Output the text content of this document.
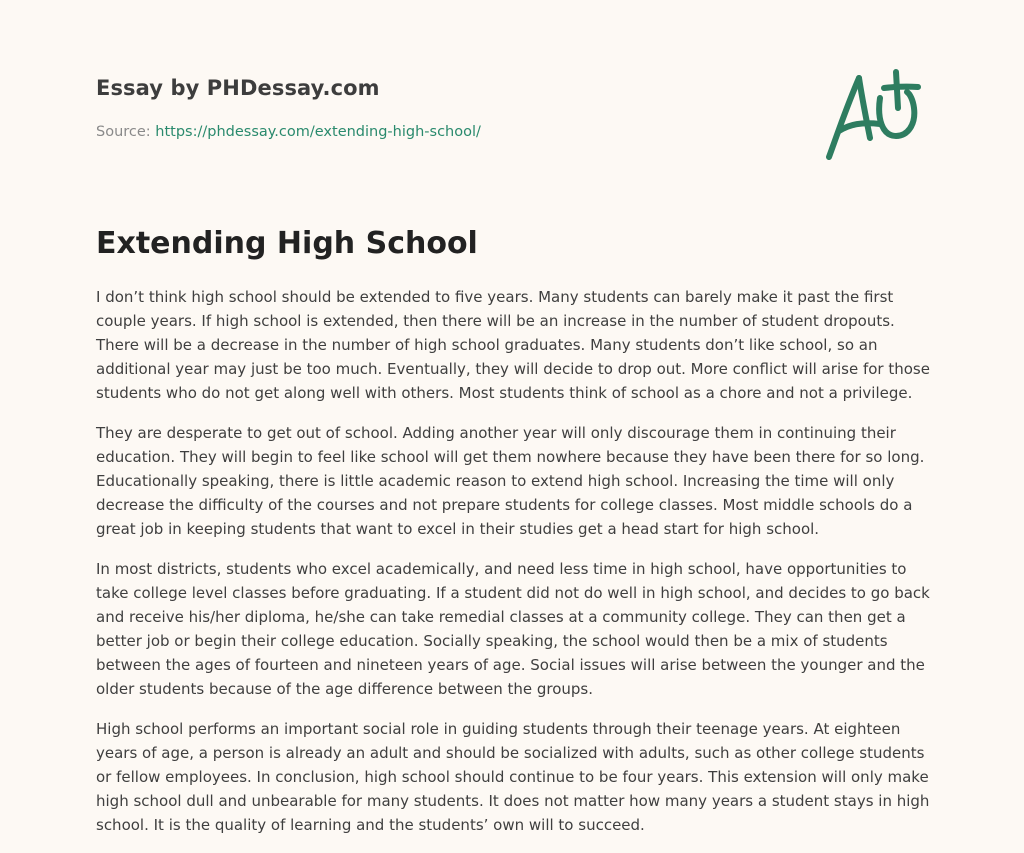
Essay by PHDessay.com

Source: https://phdessay.com/extending-high-school/
Extending High School

I don’t think high school should be extended to five years. Many students can barely make it past the first couple years. If high school is extended, then there will be an increase in the number of student dropouts. There will be a decrease in the number of high school graduates. Many students don’t like school, so an additional year may just be too much. Eventually, they will decide to drop out. More conflict will arise for those students who do not get along well with others. Most students think of school as a chore and not a privilege.

They are desperate to get out of school. Adding another year will only discourage them in continuing their education. They will begin to feel like school will get them nowhere because they have been there for so long. Educationally speaking, there is little academic reason to extend high school. Increasing the time will only decrease the difficulty of the courses and not prepare students for college classes. Most middle schools do a great job in keeping students that want to excel in their studies get a head start for high school.

In most districts, students who excel academically, and need less time in high school, have opportunities to take college level classes before graduating. If a student did not do well in high school, and decides to go back and receive his/her diploma, he/she can take remedial classes at a community college. They can then get a better job or begin their college education. Socially speaking, the school would then be a mix of students between the ages of fourteen and nineteen years of age. Social issues will arise between the younger and the older students because of the age difference between the groups.

High school performs an important social role in guiding students through their teenage years. At eighteen years of age, a person is already an adult and should be socialized with adults, such as other college students or fellow employees. In conclusion, high school should continue to be four years. This extension will only make high school dull and unbearable for many students. It does not matter how many years a student stays in high school. It is the quality of learning and the students’ own will to succeed.
